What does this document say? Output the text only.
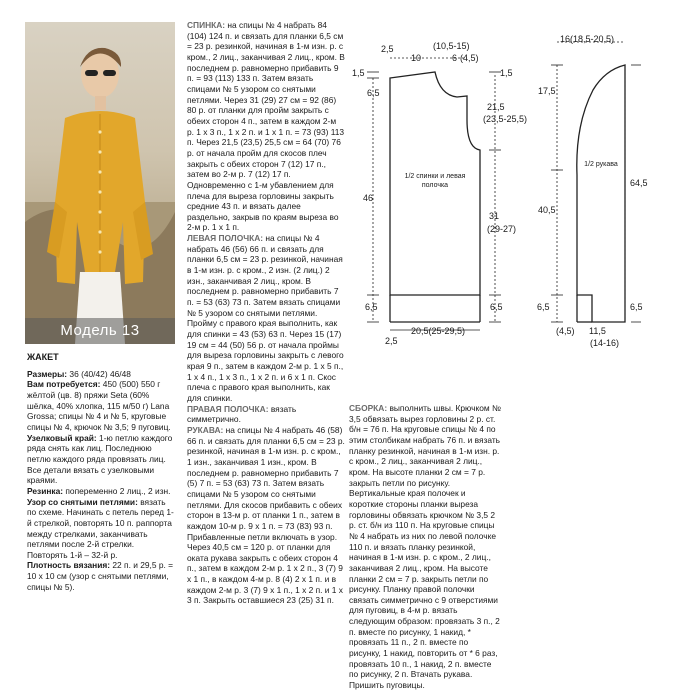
Модель 13

ЖАКЕТ

Размеры: 36 (40/42) 46/48

Вам потребуется: 450 (500) 550 г жёлтой (цв. 8) пряжи Seta (60% шёлка, 40% хлопка, 115 м/50 г) Lana Grossa; спицы № 4 и № 5, круговые спицы № 4, крючок № 3,5; 9 пуговиц.

Узелковый край: 1-ю петлю каждого ряда снять как лиц. Последнюю петлю каждого ряда провязать лиц. Все детали вязать с узелковыми краями.

Резинка: попеременно 2 лиц., 2 изн.

Узор со снятыми петлями: вязать по схеме. Начинать с петель перед 1-й стрелкой, повторять 10 п. раппорта между стрелками, заканчивать петлями после 2-й стрелки. Повторять 1-й – 32-й р.

Плотность вязания: 22 п. и 29,5 р. = 10 х 10 см (узор с снятыми петлями, спицы № 5).

СПИНКА: на спицы № 4 набрать 84 (104) 124 п. и связать для планки 6,5 см = 23 р. резинкой, начиная в 1-м изн. р. с кром., 2 лиц., заканчивая 2 лиц., кром. В последнем р. равномерно прибавить 9 п. = 93 (113) 133 п. Затем вязать спицами № 5 узором со снятыми петлями. Через 31 (29) 27 см = 92 (86) 80 р. от планки для пройм закрыть с обеих сторон 4 п., затем в каждом 2-м р. 1 х 3 п., 1 х 2 п. и 1 х 1 п. = 73 (93) 113 п. Через 21,5 (23,5) 25,5 см = 64 (70) 76 р. от начала пройм для скосов плеч закрыть с обеих сторон 7 (12) 17 п., затем во 2-м р. 7 (12) 17 п. Одновременно с 1-м убавлением для плеча для выреза горловины закрыть средние 43 п. и вязать далее раздельно, закрыв по краям выреза во 2-м р. 1 х 1 п.

ЛЕВАЯ ПОЛОЧКА: на спицы № 4 набрать 46 (56) 66 п. и связать для планки 6,5 см = 23 р. резинкой, начиная в 1-м изн. р. с кром., 2 изн. (2 лиц.) 2 изн., заканчивая 2 лиц., кром. В последнем р. равномерно прибавить 7 п. = 53 (63) 73 п. Затем вязать спицами № 5 узором со снятыми петлями. Пройму с правого края выполнить, как для спинки = 43 (53) 63 п. Через 15 (17) 19 см = 44 (50) 56 р. от начала проймы для выреза горловины закрыть с левого края 9 п., затем в каждом 2-м р. 1 х 5 п., 1 х 4 п., 1 х 3 п., 1 х 2 п. и 6 х 1 п. Скос плеча с правого края выполнить, как для спинки.

ПРАВАЯ ПОЛОЧКА: вязать симметрично.

РУКАВА: на спицы № 4 набрать 46 (58) 66 п. и связать для планки 6,5 см = 23 р. резинкой, начиная в 1-м изн. р. с кром., 1 изн., заканчивая 1 изн., кром. В последнем р. равномерно прибавить 7 (5) 7 п. = 53 (63) 73 п. Затем вязать спицами № 5 узором со снятыми петлями. Для скосов прибавить с обеих сторон в 13-м р. от планки 1 п., затем в каждом 10-м р. 9 х 1 п. = 73 (83) 93 п. Прибавленные петли включать в узор. Через 40,5 см = 120 р. от планки для оката рукава закрыть с обеих сторон 4 п., затем в каждом 2-м р. 1 х 2 п., 3 (7) 9 х 1 п., в каждом 4-м р. 8 (4) 2 х 1 п. и в каждом 2-м р. 3 (7) 9 х 1 п., 1 х 2 п. и 1 х 3 п. Закрыть оставшиеся 23 (25) 31 п.

СБОРКА: выполнить швы. Крючком № 3,5 обвязать вырез горловины 2 р. ст. б/н = 76 п. На круговые спицы № 4 по этим столбикам набрать 76 п. и вязать планку резинкой, начиная в 1-м изн. р. с кром., 2 лиц., заканчивая 2 лиц., кром. На высоте планки 2 см = 7 р. закрыть петли по рисунку. Вертикальные края полочек и короткие стороны планки выреза горловины обвязать крючком № 3,5 2 р. ст. б/н из 110 п. На круговые спицы № 4 набрать из них по левой полочке 110 п. и вязать планку резинкой, начиная в 1-м изн. р. с кром., 2 лиц., заканчивая 2 лиц., кром. На высоте планки 2 см = 7 р. закрыть петли по рисунку. Планку правой полочки связать симметрично с 9 отверстиями для пуговиц, в 4-м р. вязать следующим образом: провязать 3 п., 2 п. вместе по рисунку, 1 накид, * провязать 11 п., 2 п. вместе по рисунку, 1 накид, повторить от * 6 раз, провязать 10 п., 1 накид, 2 п. вместе по рисунку, 2 п. Втачать рукава. Пришить пуговицы.

2,5	(10,5-15)
10	6 (4,5)
1,5
6,5
46
6,5
2,5
1,5
21,5
(23,5-25,5)
31
(29-27)
6,5
20,5(25-29,5)
1/2 спинки и левая полочка
16(18,5-20,5)
17,5
40,5
6,5
64,5
6,5
(4,5) 11,5
(14-16)
1/2 рукава
